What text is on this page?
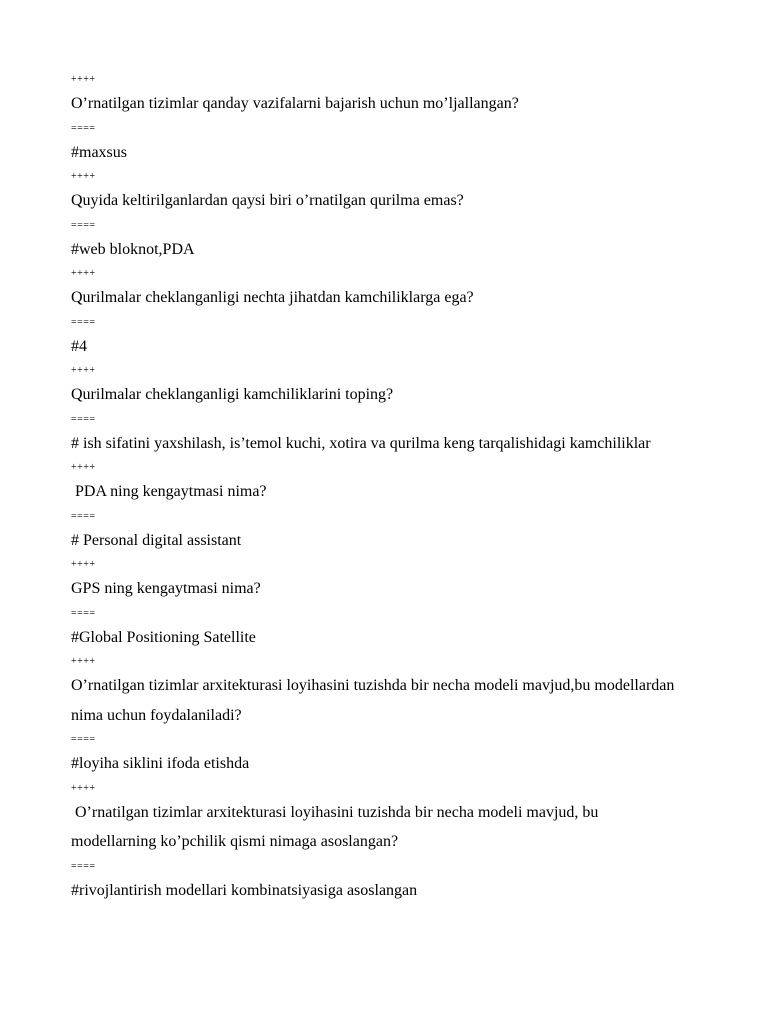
++++

O’rnatilgan tizimlar qanday vazifalarni bajarish uchun mo’ljallangan?

====

#maxsus

++++

Quyida keltirilganlardan qaysi biri o’rnatilgan qurilma emas?

====

#web bloknot,PDA

++++

Qurilmalar cheklanganligi nechta jihatdan kamchiliklarga ega?

====

#4

++++

Qurilmalar cheklanganligi kamchiliklarini toping?

====

# ish sifatini yaxshilash, is’temol kuchi, xotira va qurilma keng tarqalishidagi kamchiliklar

++++

PDA ning kengaytmasi nima?

====

# Personal digital assistant

++++

GPS ning kengaytmasi nima?

====

#Global Positioning Satellite

++++

O’rnatilgan tizimlar arxitekturasi loyihasini tuzishda bir necha modeli mavjud,bu modellardan nima uchun foydalaniladi?

====

#loyiha siklini ifoda etishda

++++

O’rnatilgan tizimlar arxitekturasi loyihasini tuzishda bir necha modeli mavjud, bu modellarning ko’pchilik qismi nimaga asoslangan?

====

#rivojlantirish modellari kombinatsiyasiga asoslangan
